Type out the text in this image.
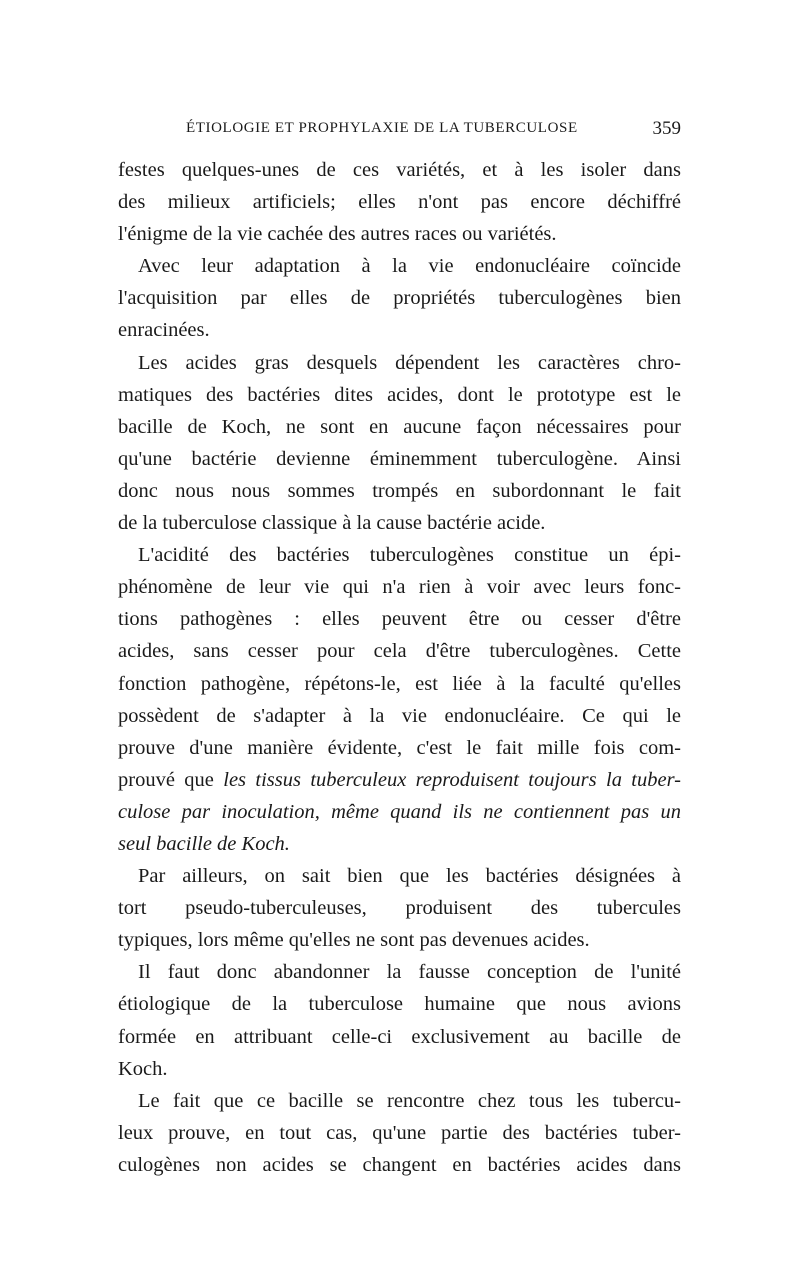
ÉTIOLOGIE ET PROPHYLAXIE DE LA TUBERCULOSE	359
festes quelques-unes de ces variétés, et à les isoler dans
des milieux artificiels; elles n'ont pas encore déchiffré
l'énigme de la vie cachée des autres races ou variétés.
Avec leur adaptation à la vie endonucléaire coïncide
l'acquisition par elles de propriétés tuberculogènes bien
enracinées.
Les acides gras desquels dépendent les caractères chro-
matiques des bactéries dites acides, dont le prototype est le
bacille de Koch, ne sont en aucune façon nécessaires pour
qu'une bactérie devienne éminemment tuberculogène. Ainsi
donc nous nous sommes trompés en subordonnant le fait
de la tuberculose classique à la cause bactérie acide.
L'acidité des bactéries tuberculogènes constitue un épi-
phénomène de leur vie qui n'a rien à voir avec leurs fonc-
tions pathogènes : elles peuvent être ou cesser d'être
acides, sans cesser pour cela d'être tuberculogènes. Cette
fonction pathogène, répétons-le, est liée à la faculté qu'elles
possèdent de s'adapter à la vie endonucléaire. Ce qui le
prouve d'une manière évidente, c'est le fait mille fois com-
prouvé que les tissus tuberculeux reproduisent toujours la tuber-
culose par inoculation, même quand ils ne contiennent pas un
seul bacille de Koch.
Par ailleurs, on sait bien que les bactéries désignées à
tort pseudo-tuberculeuses, produisent des tubercules
typiques, lors même qu'elles ne sont pas devenues acides.
Il faut donc abandonner la fausse conception de l'unité
étiologique de la tuberculose humaine que nous avions
formée en attribuant celle-ci exclusivement au bacille de
Koch.
Le fait que ce bacille se rencontre chez tous les tubercu-
leux prouve, en tout cas, qu'une partie des bactéries tuber-
culogènes non acides se changent en bactéries acides dans
